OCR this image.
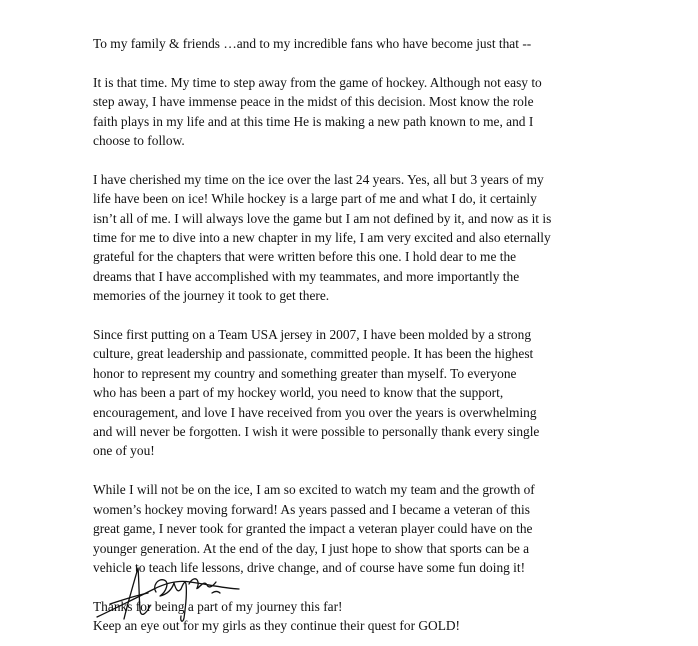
To my family & friends …and to my incredible fans who have become just that --

It is that time. My time to step away from the game of hockey. Although not easy to
step away, I have immense peace in the midst of this decision. Most know the role
faith plays in my life and at this time He is making a new path known to me, and I
choose to follow.

I have cherished my time on the ice over the last 24 years. Yes, all but 3 years of my
life have been on ice! While hockey is a large part of me and what I do, it certainly
isn’t all of me. I will always love the game but I am not defined by it, and now as it is
time for me to dive into a new chapter in my life, I am very excited and also eternally
grateful for the chapters that were written before this one. I hold dear to me the
dreams that I have accomplished with my teammates, and more importantly the
memories of the journey it took to get there.

Since first putting on a Team USA jersey in 2007, I have been molded by a strong
culture, great leadership and passionate, committed people. It has been the highest
honor to represent my country and something greater than myself. To everyone
who has been a part of my hockey world, you need to know that the support,
encouragement, and love I have received from you over the years is overwhelming
and will never be forgotten. I wish it were possible to personally thank every single
one of you!

While I will not be on the ice, I am so excited to watch my team and the growth of
women’s hockey moving forward! As years passed and I became a veteran of this
great game, I never took for granted the impact a veteran player could have on the
younger generation. At the end of the day, I just hope to show that sports can be a
vehicle to teach life lessons, drive change, and of course have some fun doing it!

Thanks for being a part of my journey this far!
Keep an eye out for my girls as they continue their quest for GOLD!
